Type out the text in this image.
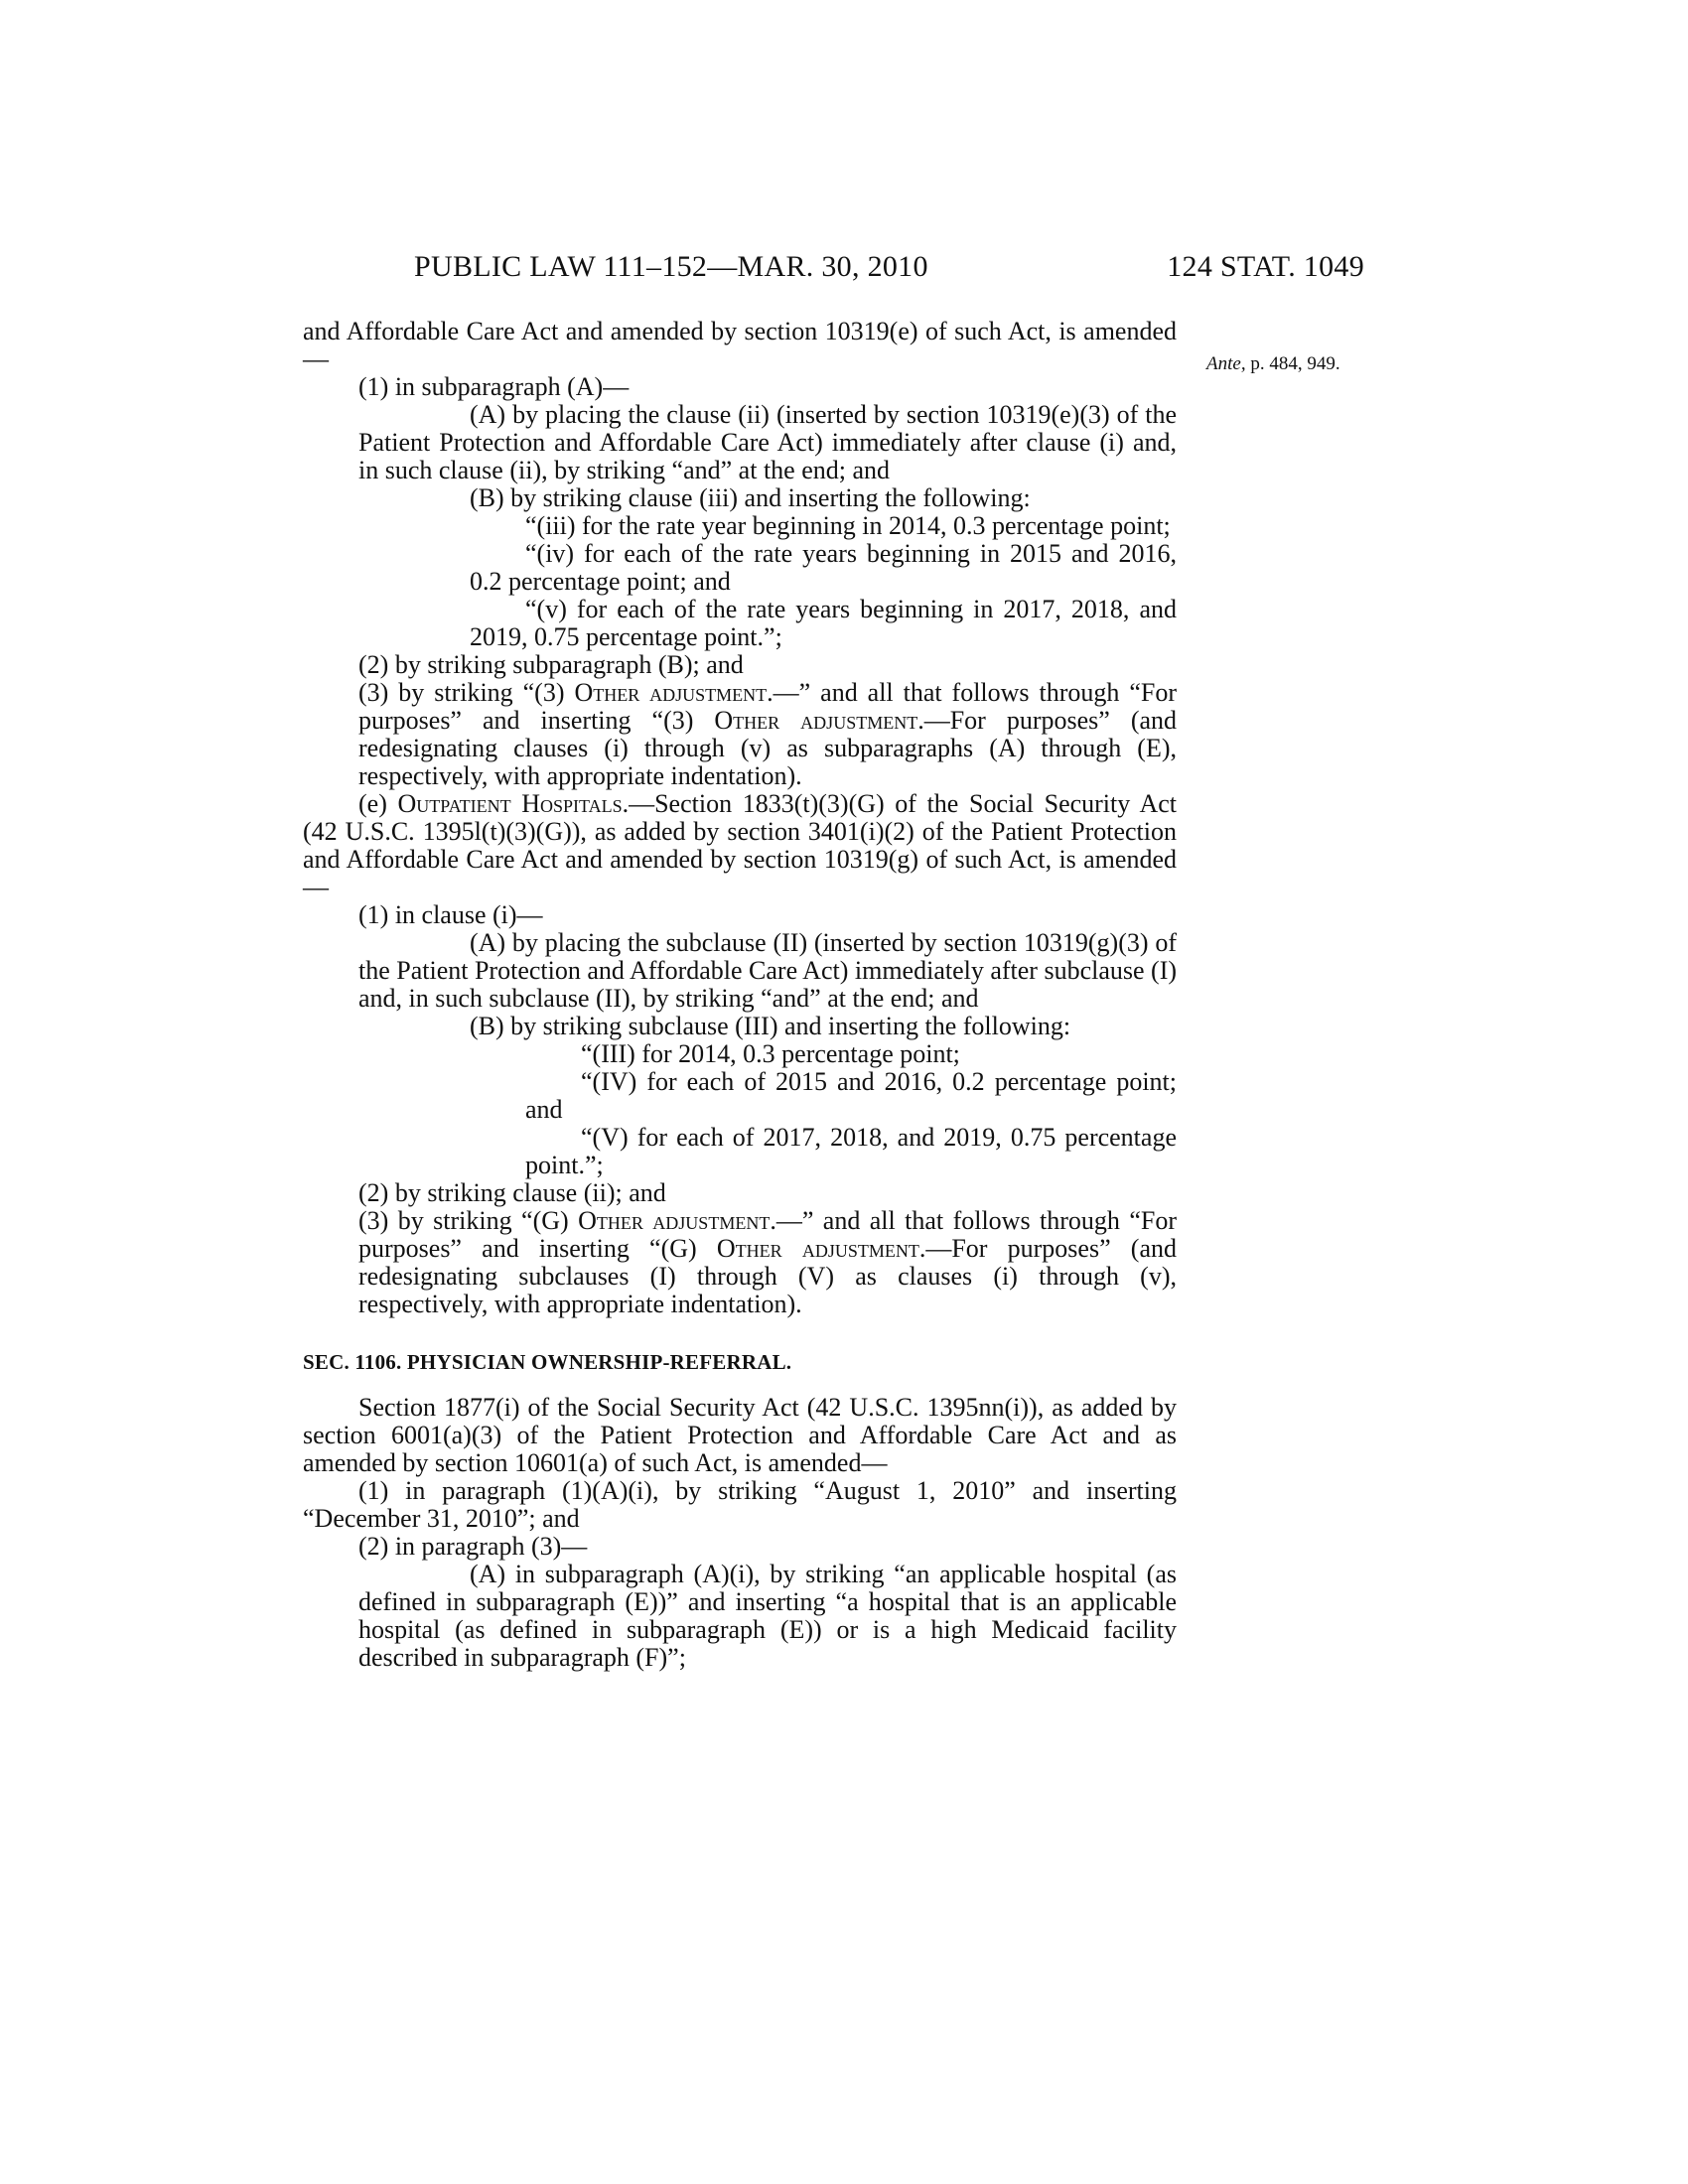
PUBLIC LAW 111–152—MAR. 30, 2010	124 STAT. 1049
Ante, p. 484, 949.

and Affordable Care Act and amended by section 10319(e) of such Act, is amended—

(1) in subparagraph (A)—

(A) by placing the clause (ii) (inserted by section 10319(e)(3) of the Patient Protection and Affordable Care Act) immediately after clause (i) and, in such clause (ii), by striking “and” at the end; and

(B) by striking clause (iii) and inserting the following:

“(iii) for the rate year beginning in 2014, 0.3 percentage point;

“(iv) for each of the rate years beginning in 2015 and 2016, 0.2 percentage point; and

“(v) for each of the rate years beginning in 2017, 2018, and 2019, 0.75 percentage point.”;

(2) by striking subparagraph (B); and

(3) by striking “(3) Other adjustment.—” and all that follows through “For purposes” and inserting “(3) Other adjustment.—For purposes” (and redesignating clauses (i) through (v) as subparagraphs (A) through (E), respectively, with appropriate indentation).

(e) Outpatient Hospitals.—Section 1833(t)(3)(G) of the Social Security Act (42 U.S.C. 1395l(t)(3)(G)), as added by section 3401(i)(2) of the Patient Protection and Affordable Care Act and amended by section 10319(g) of such Act, is amended—

(1) in clause (i)—

(A) by placing the subclause (II) (inserted by section 10319(g)(3) of the Patient Protection and Affordable Care Act) immediately after subclause (I) and, in such subclause (II), by striking “and” at the end; and

(B) by striking subclause (III) and inserting the following:

“(III) for 2014, 0.3 percentage point;

“(IV) for each of 2015 and 2016, 0.2 percentage point; and

“(V) for each of 2017, 2018, and 2019, 0.75 percentage point.”;

(2) by striking clause (ii); and

(3) by striking “(G) Other adjustment.—” and all that follows through “For purposes” and inserting “(G) Other adjustment.—For purposes” (and redesignating subclauses (I) through (V) as clauses (i) through (v), respectively, with appropriate indentation).

SEC. 1106. PHYSICIAN OWNERSHIP-REFERRAL.

Section 1877(i) of the Social Security Act (42 U.S.C. 1395nn(i)), as added by section 6001(a)(3) of the Patient Protection and Affordable Care Act and as amended by section 10601(a) of such Act, is amended—

(1) in paragraph (1)(A)(i), by striking “August 1, 2010” and inserting “December 31, 2010”; and

(2) in paragraph (3)—

(A) in subparagraph (A)(i), by striking “an applicable hospital (as defined in subparagraph (E))” and inserting “a hospital that is an applicable hospital (as defined in subparagraph (E)) or is a high Medicaid facility described in subparagraph (F)”;
